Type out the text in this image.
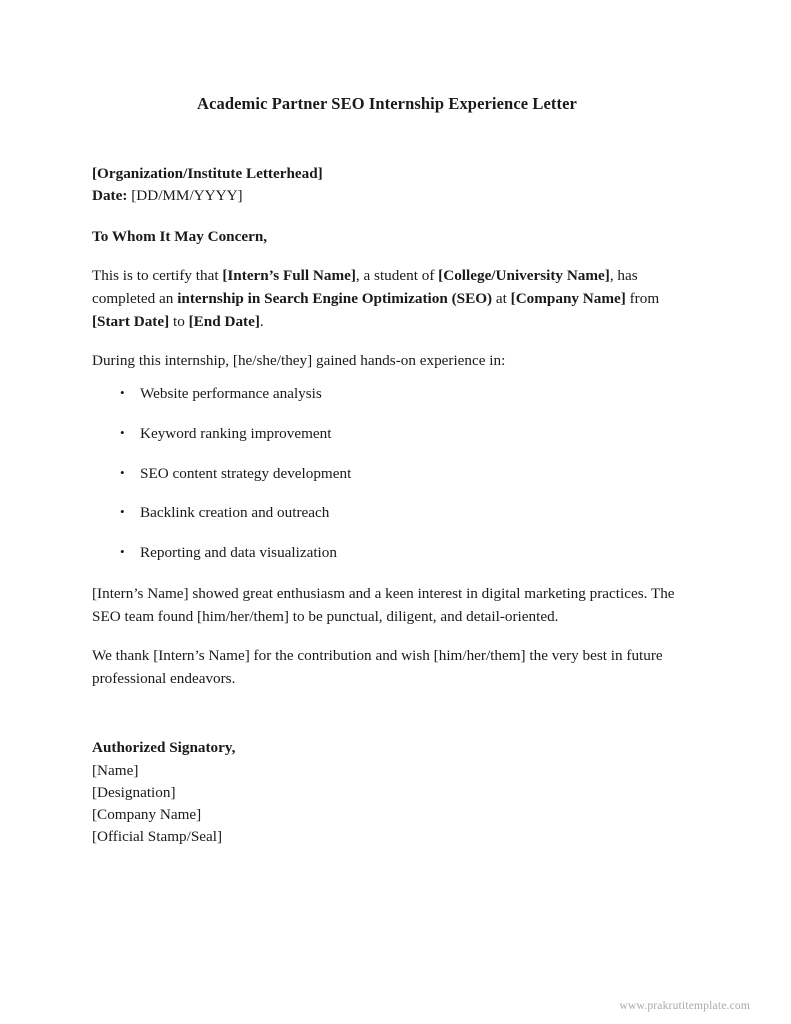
Academic Partner SEO Internship Experience Letter
[Organization/Institute Letterhead]
Date: [DD/MM/YYYY]
To Whom It May Concern,

This is to certify that [Intern’s Full Name], a student of [College/University Name], has completed an internship in Search Engine Optimization (SEO) at [Company Name] from [Start Date] to [End Date].

During this internship, [he/she/they] gained hands-on experience in:

• Website performance analysis
• Keyword ranking improvement
• SEO content strategy development
• Backlink creation and outreach
• Reporting and data visualization

[Intern’s Name] showed great enthusiasm and a keen interest in digital marketing practices. The SEO team found [him/her/them] to be punctual, diligent, and detail-oriented.

We thank [Intern’s Name] for the contribution and wish [him/her/them] the very best in future professional endeavors.

Authorized Signatory,
[Name]
[Designation]
[Company Name]
[Official Stamp/Seal]
www.prakrutitemplate.com
